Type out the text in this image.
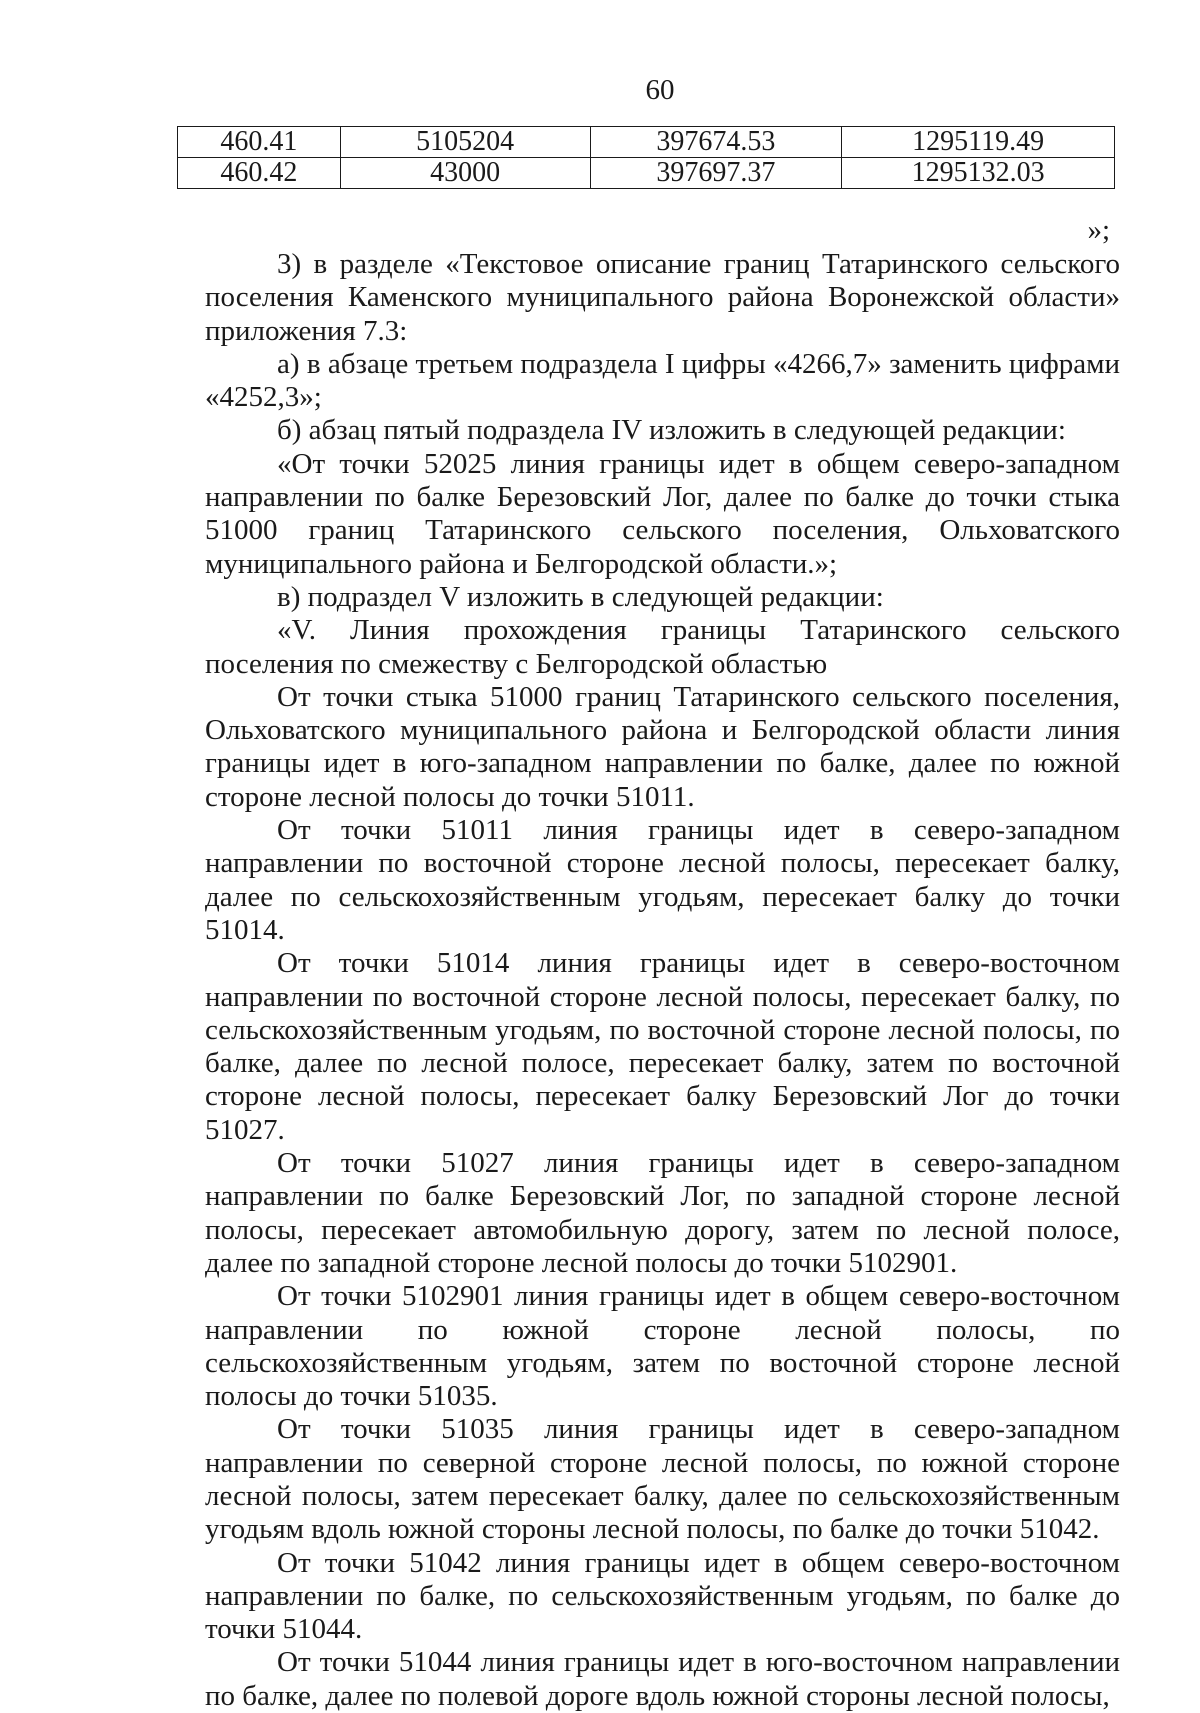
60
460.41	5105204	397674.53	1295119.49
460.42	43000	397697.37	1295132.03
»;

3) в разделе «Текстовое описание границ Татаринского сельского поселения Каменского муниципального района Воронежской области» приложения 7.3:

а) в абзаце третьем подраздела I цифры «4266,7» заменить цифрами «4252,3»;

б) абзац пятый подраздела IV изложить в следующей редакции:

«От точки 52025 линия границы идет в общем северо-западном направлении по балке Березовский Лог, далее по балке до точки стыка 51000 границ Татаринского сельского поселения, Ольховатского муниципального района и Белгородской области.»;

в) подраздел V изложить в следующей редакции:

«V. Линия прохождения границы Татаринского сельского поселения по смежеству с Белгородской областью

От точки стыка 51000 границ Татаринского сельского поселения, Ольховатского муниципального района и Белгородской области линия границы идет в юго-западном направлении по балке, далее по южной стороне лесной полосы до точки 51011.

От точки 51011 линия границы идет в северо-западном направлении по восточной стороне лесной полосы, пересекает балку, далее по сельскохозяйственным угодьям, пересекает балку до точки 51014.

От точки 51014 линия границы идет в северо-восточном направлении по восточной стороне лесной полосы, пересекает балку, по сельскохозяйственным угодьям, по восточной стороне лесной полосы, по балке, далее по лесной полосе, пересекает балку, затем по восточной стороне лесной полосы, пересекает балку Березовский Лог до точки 51027.

От точки 51027 линия границы идет в северо-западном направлении по балке Березовский Лог, по западной стороне лесной полосы, пересекает автомобильную дорогу, затем по лесной полосе, далее по западной стороне лесной полосы до точки 5102901.

От точки 5102901 линия границы идет в общем северо-восточном направлении по южной стороне лесной полосы, по сельскохозяйственным угодьям, затем по восточной стороне лесной полосы до точки 51035.

От точки 51035 линия границы идет в северо-западном направлении по северной стороне лесной полосы, по южной стороне лесной полосы, затем пересекает балку, далее по сельскохозяйственным угодьям вдоль южной стороны лесной полосы, по балке до точки 51042.

От точки 51042 линия границы идет в общем северо-восточном направлении по балке, по сельскохозяйственным угодьям, по балке до точки 51044.

От точки 51044 линия границы идет в юго-восточном направлении по балке, далее по полевой дороге вдоль южной стороны лесной полосы,
